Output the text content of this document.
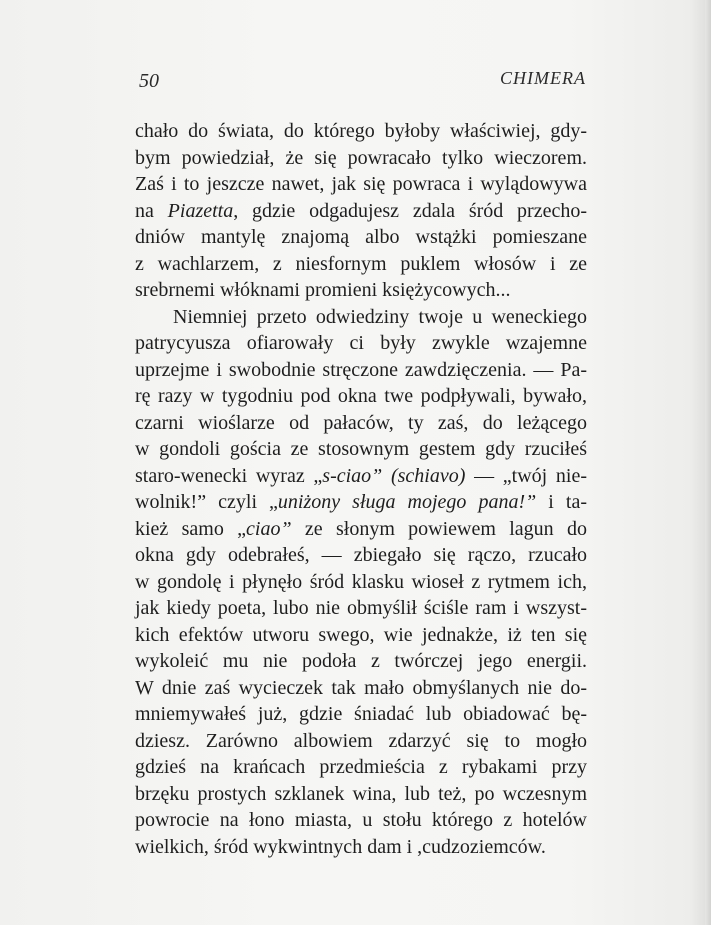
50	CHIMERA
chało do świata, do którego byłoby właściwiej, gdy-
bym powiedział, że się powracało tylko wieczorem.
Zaś i to jeszcze nawet, jak się powraca i wylądowywa
na Piazetta, gdzie odgadujesz zdala śród przecho-
dniów mantylę znajomą albo wstążki pomieszane
z wachlarzem, z niesfornym puklem włosów i ze
srebrnemi włóknami promieni księżycowych...
Niemniej przeto odwiedziny twoje u weneckiego
patrycyusza ofiarowały ci były zwykle wzajemne
uprzejme i swobodnie stręczone zawdzięczenia. — Pa-
rę razy w tygodniu pod okna twe podpływali, bywało,
czarni wioślarze od pałaców, ty zaś, do leżącego
w gondoli gościa ze stosownym gestem gdy rzuciłeś
staro-wenecki wyraz „s-ciao” (schiavo) — „twój nie-
wolnik!” czyli „uniżony sługa mojego pana!” i ta-
kież samo „ciao” ze słonym powiewem lagun do
okna gdy odebrałeś, — zbiegało się rączo, rzucało
w gondolę i płynęło śród klasku wioseł z rytmem ich,
jak kiedy poeta, lubo nie obmyślił ściśle ram i wszyst-
kich efektów utworu swego, wie jednakże, iż ten się
wykoleić mu nie podoła z twórczej jego energii.
W dnie zaś wycieczek tak mało obmyślanych nie do-
mniemywałeś już, gdzie śniadać lub obiadować bę-
dziesz. Zarówno albowiem zdarzyć się to mogło
gdzieś na krańcach przedmieścia z rybakami przy
brzęku prostych szklanek wina, lub też, po wczesnym
powrocie na łono miasta, u stołu którego z hotelów
wielkich, śród wykwintnych dam i ,cudzoziemców.
